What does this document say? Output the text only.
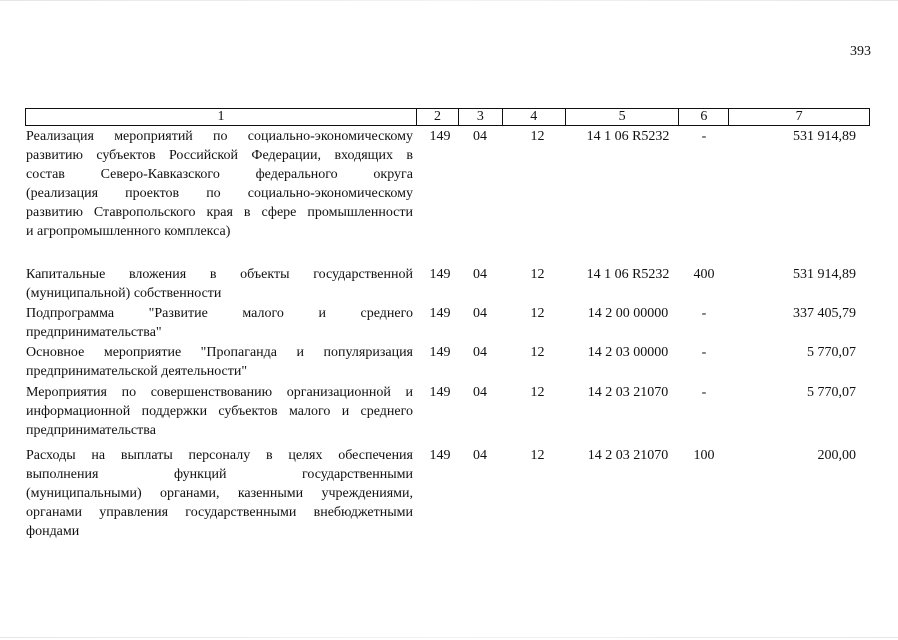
393
1	2	3	4	5	6	7
Реализация мероприятий по социально-экономическому
развитию субъектов Российской Федерации, входящих в
состав Северо-Кавказского федерального округа
(реализация проектов по социально-экономическому
развитию Ставропольского края в сфере промышленности
и агропромышленного комплекса)
149	04	12	14 1 06 R5232	-	531 914,89
Капитальные вложения в объекты государственной
(муниципальной) собственности
149	04	12	14 1 06 R5232	400	531 914,89
Подпрограмма "Развитие малого и среднего
предпринимательства"
149	04	12	14 2 00 00000	-	337 405,79
Основное мероприятие "Пропаганда и популяризация
предпринимательской деятельности"
149	04	12	14 2 03 00000	-	5 770,07
Мероприятия по совершенствованию организационной и
информационной поддержки субъектов малого и среднего
предпринимательства
149	04	12	14 2 03 21070	-	5 770,07
Расходы на выплаты персоналу в целях обеспечения
выполнения функций государственными
(муниципальными) органами, казенными учреждениями,
органами управления государственными внебюджетными
фондами
149	04	12	14 2 03 21070	100	200,00
